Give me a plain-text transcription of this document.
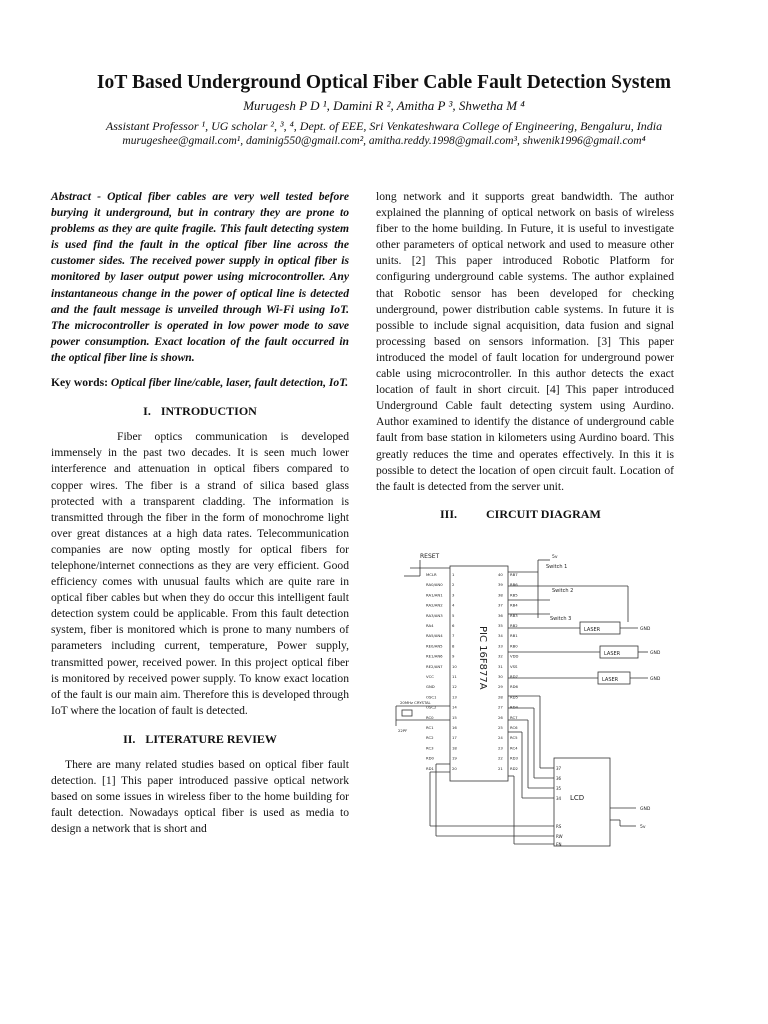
IoT Based Underground Optical Fiber Cable Fault Detection System
Murugesh P D ¹, Damini R ², Amitha P ³, Shwetha M ⁴
Assistant Professor ¹, UG scholar ², ³, ⁴, Dept. of EEE, Sri Venkateshwara College of Engineering, Bengaluru, India
murugeshee@gmail.com¹, daminig550@gmail.com², amitha.reddy.1998@gmail.com³, shwenik1996@gmail.com⁴

Abstract - Optical fiber cables are very well tested before burying it underground, but in contrary they are prone to problems as they are quite fragile. This fault detecting system is used find the fault in the optical fiber line across the customer sides. The received power supply in optical fiber is monitored by laser output power using microcontroller. Any instantaneous change in the power of optical line is detected and the fault message is unveiled through Wi-Fi using IoT. The microcontroller is operated in low power mode to save power consumption. Exact location of the fault occurred in the optical fiber line is shown.

Key words: Optical fiber line/cable, laser, fault detection, IoT.

I. INTRODUCTION

Fiber optics communication is developed immensely in the past two decades. It is seen much lower interference and attenuation in optical fibers compared to copper wires. The fiber is a strand of silica based glass protected with a transparent cladding. The information is transmitted through the fiber in the form of monochrome light over great distances at a high data rates. Telecommunication companies are now opting mostly for optical fibers for telephone/internet connections as they are very efficient. Good efficiency comes with unusual faults which are quite rare in optical fiber cables but when they do occur this intelligent fault detection system could be applicable. From this fault detection system, fiber is monitored which is prone to many numbers of parameters including current, temperature, Power supply, transmitted power, received power. In this project optical fiber is monitored by received power supply. To know exact location of the fault is our main aim. Therefore this is developed through IoT where the location of fault is detected.

II. LITERATURE REVIEW

There are many related studies based on optical fiber fault detection. [1] This paper introduced passive optical network based on some issues in wireless fiber to the home building for fault detection. Nowadays optical fiber is used as media to design a network that is short and

long network and it supports great bandwidth. The author explained the planning of optical network on basis of wireless fiber to the home building. In Future, it is useful to investigate other parameters of optical network and used to measure other units. [2] This paper introduced Robotic Platform for configuring underground cable systems. The author explained that Robotic sensor has been developed for checking underground, power distribution cable systems. In future it is possible to include signal acquisition, data fusion and signal processing based on sensors information. [3] This paper introduced the model of fault location for underground power cable using microcontroller. In this author detects the exact location of fault in short circuit. [4] This paper introduced Underground Cable fault detecting system using Aurdino. Author examined to identify the distance of underground cable fault from base station in kilometers using Aurdino board. This greatly reduces the time and operates effectively. In this it is possible to detect the location of open circuit fault. Location of the fault is detected from the server unit.

III. CIRCUIT DIAGRAM
RESET
PIC 16F877A
LCD
LASER
LASER
LASER
Switch 1
Switch 2
Switch 3
GND
GND
GND
GND
5v
5v
20MHz CRYSTAL
22PF
MCLR	1
RA0/AN0 2
RA1/AN1 3
RA2/AN2 4
RA3/AN3 5
RA4	6
RA5/AN4 7
RE0/AN5 8
RE1/AN6 9
RE2/AN7 10
VCC	11
GND	12
OSC1	13
OSC2	14
RC0	15
RC1	16
RC2	17
RC3	18
RD0	19
RD1	20
40 RB7
39 RB6
38 RB5
37 RB4
36 RB3
35 RB2
34 RB1
33 RB0
32 VDD
31 VSS
30 RD7
29 RD6
28 RD5
27 RD4
26 RC7
25 RC6
24 RC5
23 RC4
22 RD3
21 RD2	37
36
35
34
RS
RW
EN
